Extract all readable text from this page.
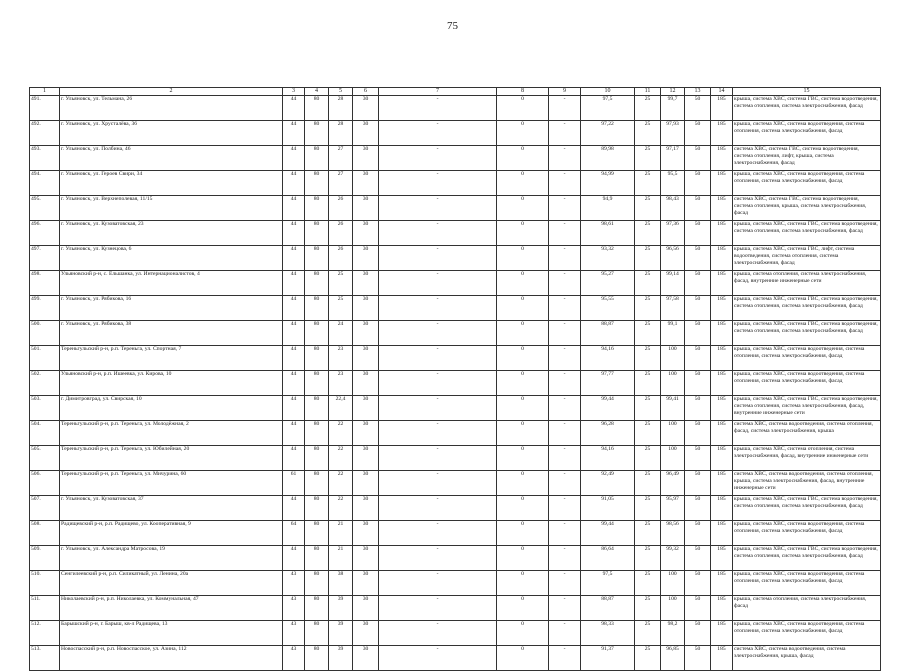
75
1	2	3	4	5	6	7	8	9	10	11	12	13	14	15
491.	г. Ульяновск, ул. Тельмана, 26	44	80	28	30	-	0	-	97,5	25	99,7	50	185	крыша, система ХВС, система ГВС, система водоотведения, система отопления, система электроснабжения, фасад
492.	г. Ульяновск, ул. Хрусталёва, 36	44	80	28	30	-	0	-	97,22	25	97,93	50	185	крыша, система ХВС, система водоотведения, система отопления, система электроснабжения, фасад
493.	г. Ульяновск, ул. Полбина, 46	44	80	27	30	-	0	-	89,98	25	97,17	50	185	система ХВС, система ГВС, система водоотведения, система отопления, лифт, крыша, система электроснабжения, фасад
494.	г. Ульяновск, ул. Героев Свири, 34	44	80	27	30	-	0	-	94,99	25	95,5	50	185	крыша, система ХВС, система водоотведения, система отопления, система электроснабжения, фасад
495.	г. Ульяновск, ул. Верхнеполевая, 11/15	44	80	26	30	-	0	-	94,9	25	98,43	50	185	система ХВС, система ГВС, система водоотведения, система отопления, крыша, система электроснабжения, фасад
496.	г. Ульяновск, ул. Кузоватовская, 23	44	80	26	30	-	0	-	98,61	25	97,36	50	185	крыша, система ХВС, система ГВС, система водоотведения, система отопления, система электроснабжения, фасад
497.	г. Ульяновск, ул. Кузнецова, 6	44	80	26	30	-	0	-	93,32	25	96,56	50	185	крыша, система ХВС, система ГВС, лифт, система водоотведения, система отопления, система электроснабжения, фасад
498.	Ульяновский р-н, с. Ельшанка, ул. Интернационалистов, 4	44	80	25	30	-	0	-	95,27	25	99,14	50	185	крыша, система отопления, система электроснабжения, фасад, внутренние инженерные сети
499.	г. Ульяновск, ул. Рябикова, 16	44	80	25	30	-	0	-	95,55	25	97,58	50	185	крыша, система ХВС, система ГВС, система водоотведения, система отопления, система электроснабжения, фасад
500.	г. Ульяновск, ул. Рябикова, 38	44	80	24	30	-	0	-	88,87	25	99,1	50	185	крыша, система ХВС, система ГВС, система водоотведения, система отопления, система электроснабжения, фасад
501.	Тереньгульский р-н, р.п. Тереньга, ул. Спортная, 7	44	80	23	30	-	0	-	94,16	25	100	50	185	крыша, система ХВС, система водоотведения, система отопления, система электроснабжения, фасад
502.	Ульяновский р-н, р.п. Ишеевка, ул. Кирова, 10	44	80	23	30	-	0	-	97,77	25	100	50	185	крыша, система ХВС, система водоотведения, система отопления, система электроснабжения, фасад
503.	г. Димитровград, ул. Свирская, 10	44	80	22,4	30	-	0	-	99,44	25	99,41	50	185	крыша, система ХВС, система ГВС, система водоотведения, система отопления, система электроснабжения, фасад, внутренние инженерные сети
504.	Тереньгульский р-н, р.п. Тереньга, ул. Молодёжная, 2	44	80	22	30	-	0	-	96,28	25	100	50	185	система ХВС, система водоотведения, система отопления, фасад, система электроснабжения, крыша
505.	Тереньгульский р-н, р.п. Тереньга, ул. Юбилейная, 20	44	80	22	30	-	0	-	94,16	25	100	50	185	крыша, система ХВС, система отопления, система электроснабжения, фасад, внутренние инженерные сети
506.	Тереньгульский р-н, р.п. Тереньга, ул. Мичурина, 60	61	80	22	30	-	0	-	92,49	25	96,49	50	185	система ХВС, система водоотведения, система отопления, крыша, система электроснабжения, фасад, внутренние инженерные сети
507.	г. Ульяновск, ул. Кузоватовская, 37	44	80	22	30	-	0	-	91,05	25	95,97	50	185	крыша, система ХВС, система ГВС, система водоотведения, система отопления, система электроснабжения, фасад
508.	Радищевский р-н, р.п. Радищево, ул. Кооперативная, 9	64	80	21	30	-	0	-	99,44	25	98,56	50	185	крыша, система ХВС, система водоотведения, система отопления, система электроснабжения, фасад
509.	г. Ульяновск, ул. Александра Матросова, 19	44	80	21	30	-	0	-	86,64	25	99,32	50	185	крыша, система ХВС, система ГВС, система водоотведения, система отопления, система электроснабжения, фасад
510.	Сенгилеевский р-н, р.п. Силикатный, ул. Ленина, 20а	43	80	38	30	-	0	-	97,5	25	100	50	185	крыша, система ХВС, система водоотведения, система отопления, система электроснабжения, фасад
511.	Николаевский р-н, р.п. Николаевка, ул. Коммунальная, 47	43	80	39	30	-	0	-	88,87	25	100	50	185	крыша, система отопления, система электроснабжения, фасад
512.	Барышский р-н, г. Барыш, кв-л Радищева, 13	43	80	39	30	-	0	-	98,33	25	98,2	50	185	крыша, система ХВС, система водоотведения, система отопления, система электроснабжения, фасад
513.	Новоспасский р-н, р.п. Новоспасское, ул. Азина, 112	43	80	39	30	-	0	-	91,37	25	96,85	50	185	система ХВС, система водоотведения, система электроснабжения, крыша, фасад
